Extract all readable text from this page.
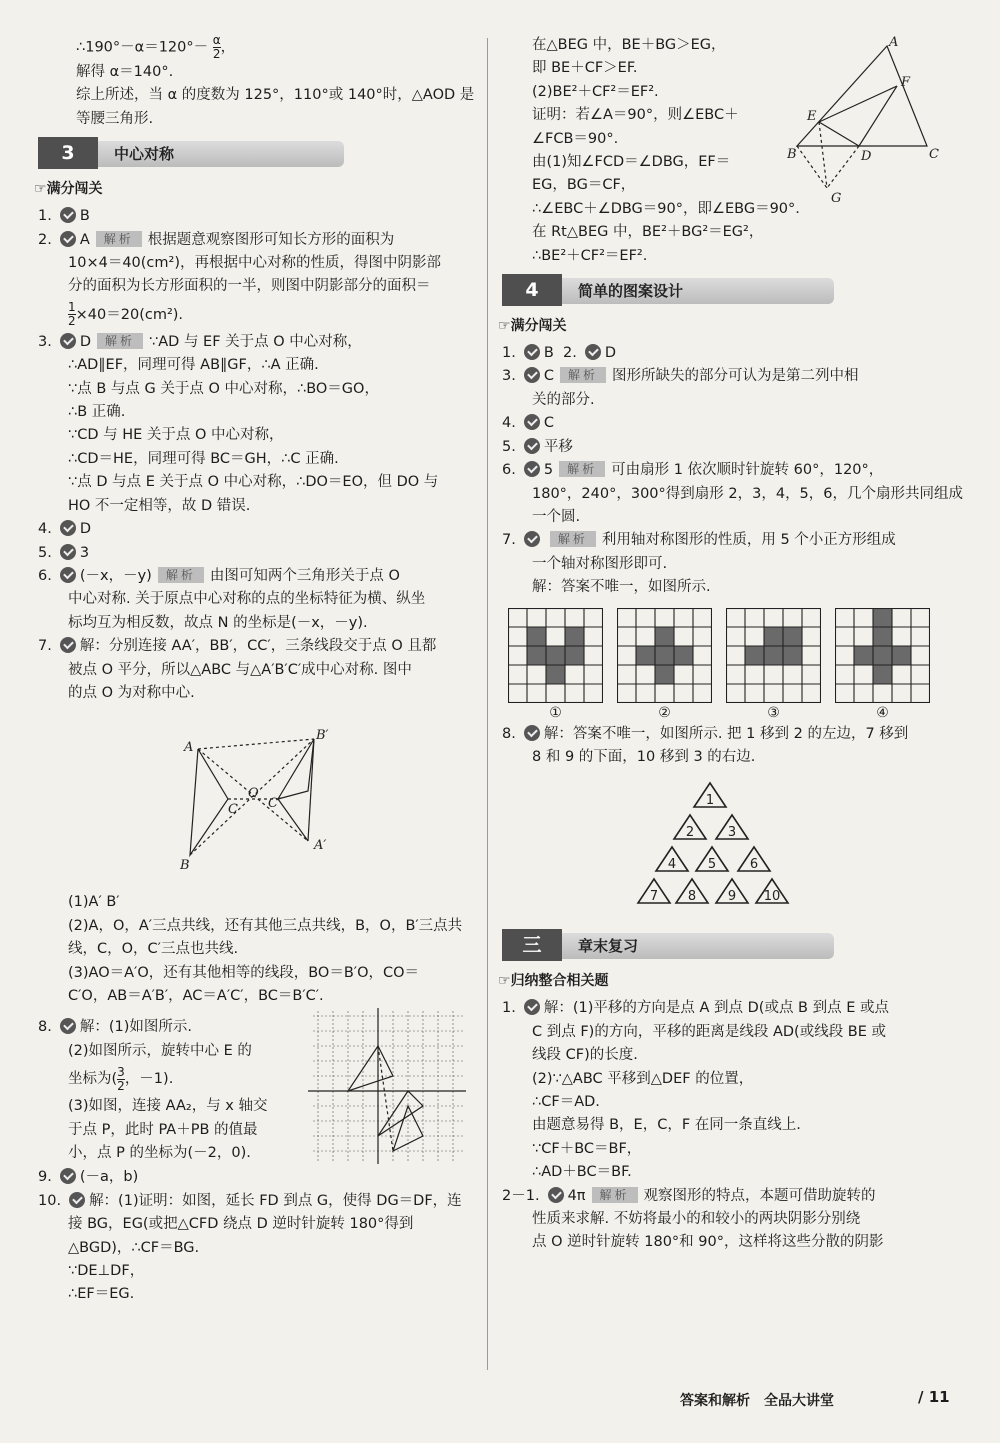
∴190°－α＝120°－ $\frac{\alpha}{2}$ ，
解得 α＝140°.
综上所述，当 α 的度数为 125°，110°或 140°时，△AOD 是
等腰三角形.
3	中心对称
☞满分闯关
1. B
2. A 解析 根据题意观察图形可知长方形的面积为
10×4＝40(cm²)，再根据中心对称的性质，得图中阴影部
分的面积为长方形面积的一半，则图中阴影部分的面积＝
$\frac{1}{2} \times 40=20(cm^2)$.
3. D 解析 ∵AD 与 EF 关于点 O 中心对称，
∴AD∥EF，同理可得 AB∥GF，∴A 正确.
∵点 B 与点 G 关于点 O 中心对称，∴BO＝GO，
∴B 正确.
∵CD 与 HE 关于点 O 中心对称，
∴CD＝HE，同理可得 BC＝GH，∴C 正确.
∵点 D 与点 E 关于点 O 中心对称，∴DO＝EO，但 DO 与
HO 不一定相等，故 D 错误.
4. D
5. 3
6. (－x，－y) 解析 由图可知两个三角形关于点 O
中心对称. 关于原点中心对称的点的坐标特征为横、纵坐
标均互为相反数，故点 N 的坐标是(－x，－y).
7. 解：分别连接 AA′，BB′，CC′，三条线段交于点 O 且都
被点 O 平分，所以△ABC 与△A′B′C′成中心对称. 图中
的点 O 为对称中心.
A
B
C
O
C′
A′
B′
(1)A′ B′
(2)A，O，A′三点共线，还有其他三点共线，B，O，B′三点共
线，C，O，C′三点也共线.
(3)AO＝A′O，还有其他相等的线段，BO＝B′O，CO＝
C′O，AB＝A′B′，AC＝A′C′，BC＝B′C′.
8. 解：(1)如图所示.
(2)如图所示，旋转中心 E 的
坐标为( $\frac{3}{2}$ ，－1).
(3)如图，连接 AA₂，与 x 轴交
于点 P，此时 PA＋PB 的值最
小，点 P 的坐标为(－2，0).
9. (－a，b)
10. 解：(1)证明：如图，延长 FD 到点 G，使得 DG＝DF，连
接 BG，EG(或把△CFD 绕点 D 逆时针旋转 180°得到
△BGD)，∴CF＝BG.
∵DE⊥DF，
∴EF＝EG.
在△BEG 中，BE＋BG＞EG，
即 BE＋CF＞EF.
(2)BE²＋CF²＝EF².
证明：若∠A＝90°，则∠EBC＋
∠FCB＝90°.
由(1)知∠FCD＝∠DBG，EF＝
EG，BG＝CF，
∴∠EBC＋∠DBG＝90°，即∠EBG＝90°.
在 Rt△BEG 中，BE²＋BG²＝EG²，
∴BE²＋CF²＝EF².
A
F
E
B	D	C
G
4	简单的图案设计
☞满分闯关
1. B 2. D
3. C 解析 图形所缺失的部分可认为是第二列中相
关的部分.
4. C
5. 平移
6. 5 解析 可由扇形 1 依次顺时针旋转 60°，120°，
180°，240°，300°得到扇形 2，3，4，5，6，几个扇形共同组成
一个圆.
7.	解析 利用轴对称图形的性质，用 5 个小正方形组成
一个轴对称图形即可.
解：答案不唯一，如图所示.
①	②	③	④
8. 解：答案不唯一，如图所示. 把 1 移到 2 的左边，7 移到
8 和 9 的下面，10 移到 3 的右边.
1
2	3
4 5	6
7 8 9 10
三	章末复习
☞归纳整合相关题
1. 解：(1)平移的方向是点 A 到点 D(或点 B 到点 E 或点
C 到点 F)的方向，平移的距离是线段 AD(或线段 BE 或
线段 CF)的长度.
(2)∵△ABC 平移到△DEF 的位置，
∴CF＝AD.
由题意易得 B，E，C，F 在同一条直线上.
∵CF＋BC＝BF，
∴AD＋BC＝BF.
2－1. 4π 解析 观察图形的特点，本题可借助旋转的
性质来求解. 不妨将最小的和较小的两块阴影分别绕
点 O 逆时针旋转 180°和 90°，这样将这些分散的阴影
答案和解析　全品大讲堂	/ 11
